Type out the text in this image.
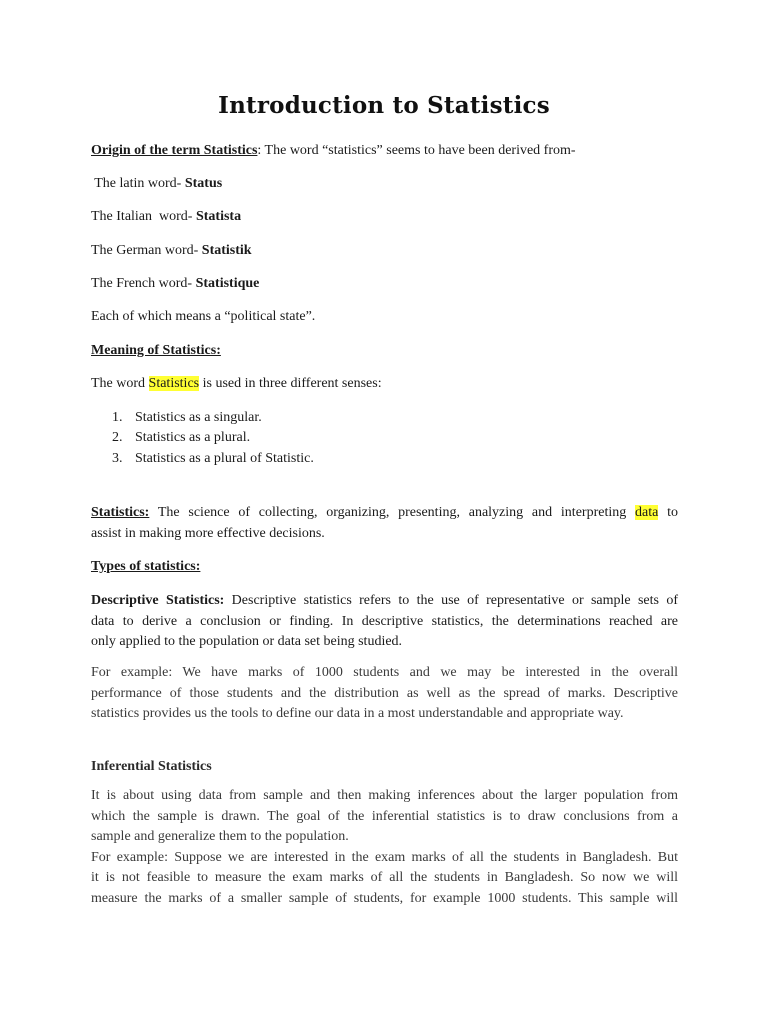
Introduction to Statistics
Origin of the term Statistics: The word “statistics” seems to have been derived from-
The latin word- Status
The Italian  word- Statista
The German word- Statistik
The French word- Statistique
Each of which means a “political state”.
Meaning of Statistics:
The word Statistics is used in three different senses:
1. Statistics as a singular.
2. Statistics as a plural.
3. Statistics as a plural of Statistic.
Statistics: The science of collecting, organizing, presenting, analyzing and interpreting data to
assist in making more effective decisions.
Types of statistics:
Descriptive Statistics: Descriptive statistics refers to the use of representative or sample sets of
data to derive a conclusion or finding. In descriptive statistics, the determinations reached are
only applied to the population or data set being studied.
For example: We have marks of 1000 students and we may be interested in the overall
performance of those students and the distribution as well as the spread of marks. Descriptive
statistics provides us the tools to define our data in a most understandable and appropriate way.
Inferential Statistics
It is about using data from sample and then making inferences about the larger population from
which the sample is drawn. The goal of the inferential statistics is to draw conclusions from a
sample and generalize them to the population.
For example: Suppose we are interested in the exam marks of all the students in Bangladesh. But
it is not feasible to measure the exam marks of all the students in Bangladesh. So now we will
measure the marks of a smaller sample of students, for example 1000 students. This sample will
